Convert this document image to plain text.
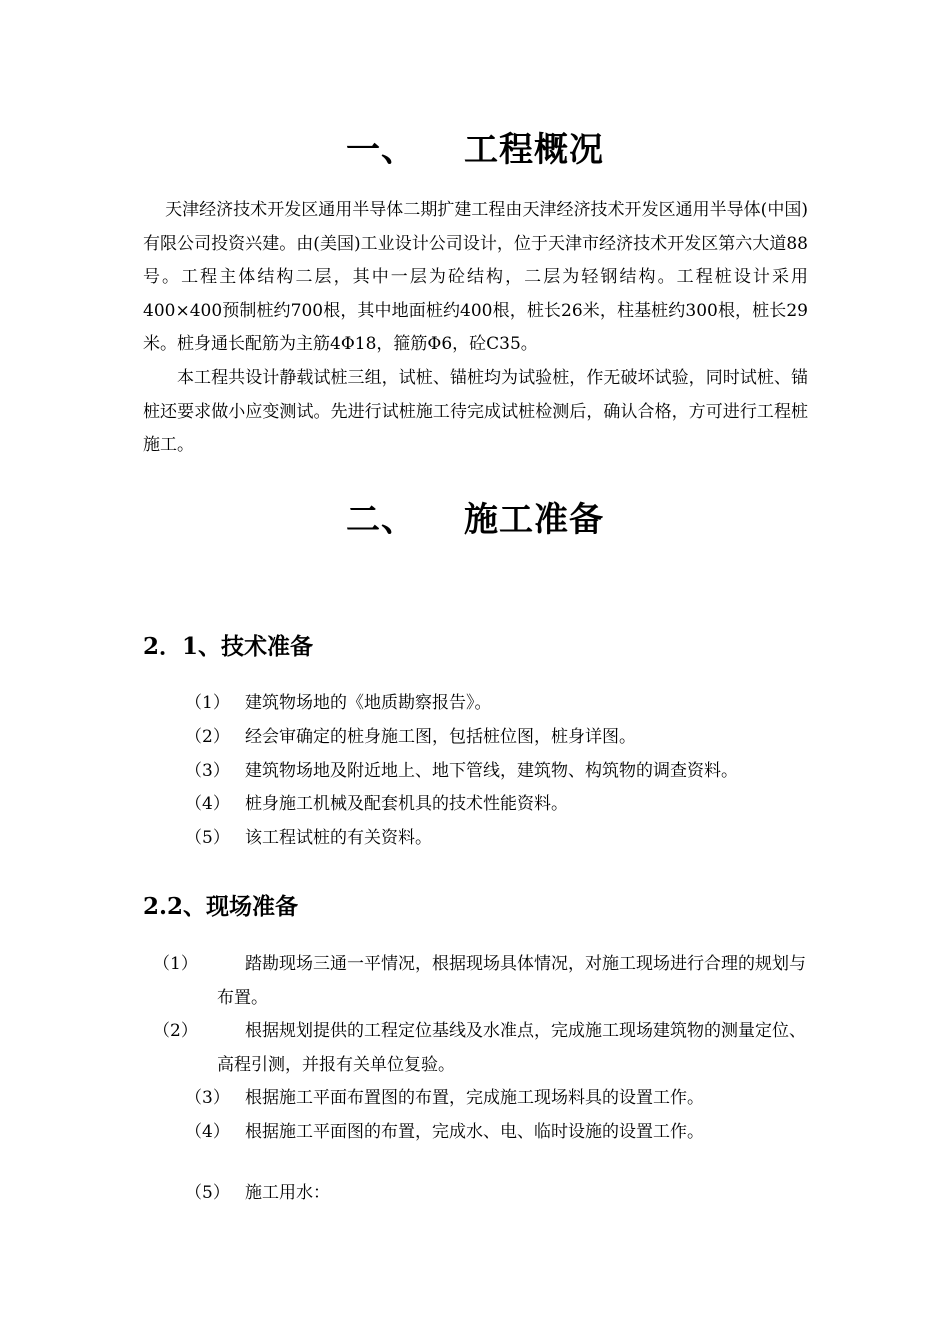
一、 工程概况
天津经济技术开发区通用半导体二期扩建工程由天津经济技术开发区通用半导体(中国)有限公司投资兴建。由(美国)工业设计公司设计，位于天津市经济技术开发区第六大道88号。工程主体结构二层，其中一层为砼结构，二层为轻钢结构。工程桩设计采用400×400预制桩约700根，其中地面桩约400根，桩长26米，柱基桩约300根，桩长29米。桩身通长配筋为主筋4Φ18，箍筋Φ6，砼C35。
本工程共设计静载试桩三组，试桩、锚桩均为试验桩，作无破坏试验，同时试桩、锚桩还要求做小应变测试。先进行试桩施工待完成试桩检测后，确认合格，方可进行工程桩施工。
二、 施工准备
2．1、技术准备
（1） 建筑物场地的《地质勘察报告》。
（2） 经会审确定的桩身施工图，包括桩位图，桩身详图。
（3） 建筑物场地及附近地上、地下管线，建筑物、构筑物的调查资料。
（4） 桩身施工机械及配套机具的技术性能资料。
（5） 该工程试桩的有关资料。
2.2、现场准备
（1）	踏勘现场三通一平情况，根据现场具体情况，对施工现场进行合理的规划与布置。
（2）	根据规划提供的工程定位基线及水准点，完成施工现场建筑物的测量定位、高程引测，并报有关单位复验。
（3） 根据施工平面布置图的布置，完成施工现场料具的设置工作。
（4） 根据施工平面图的布置，完成水、电、临时设施的设置工作。
（5） 施工用水：
